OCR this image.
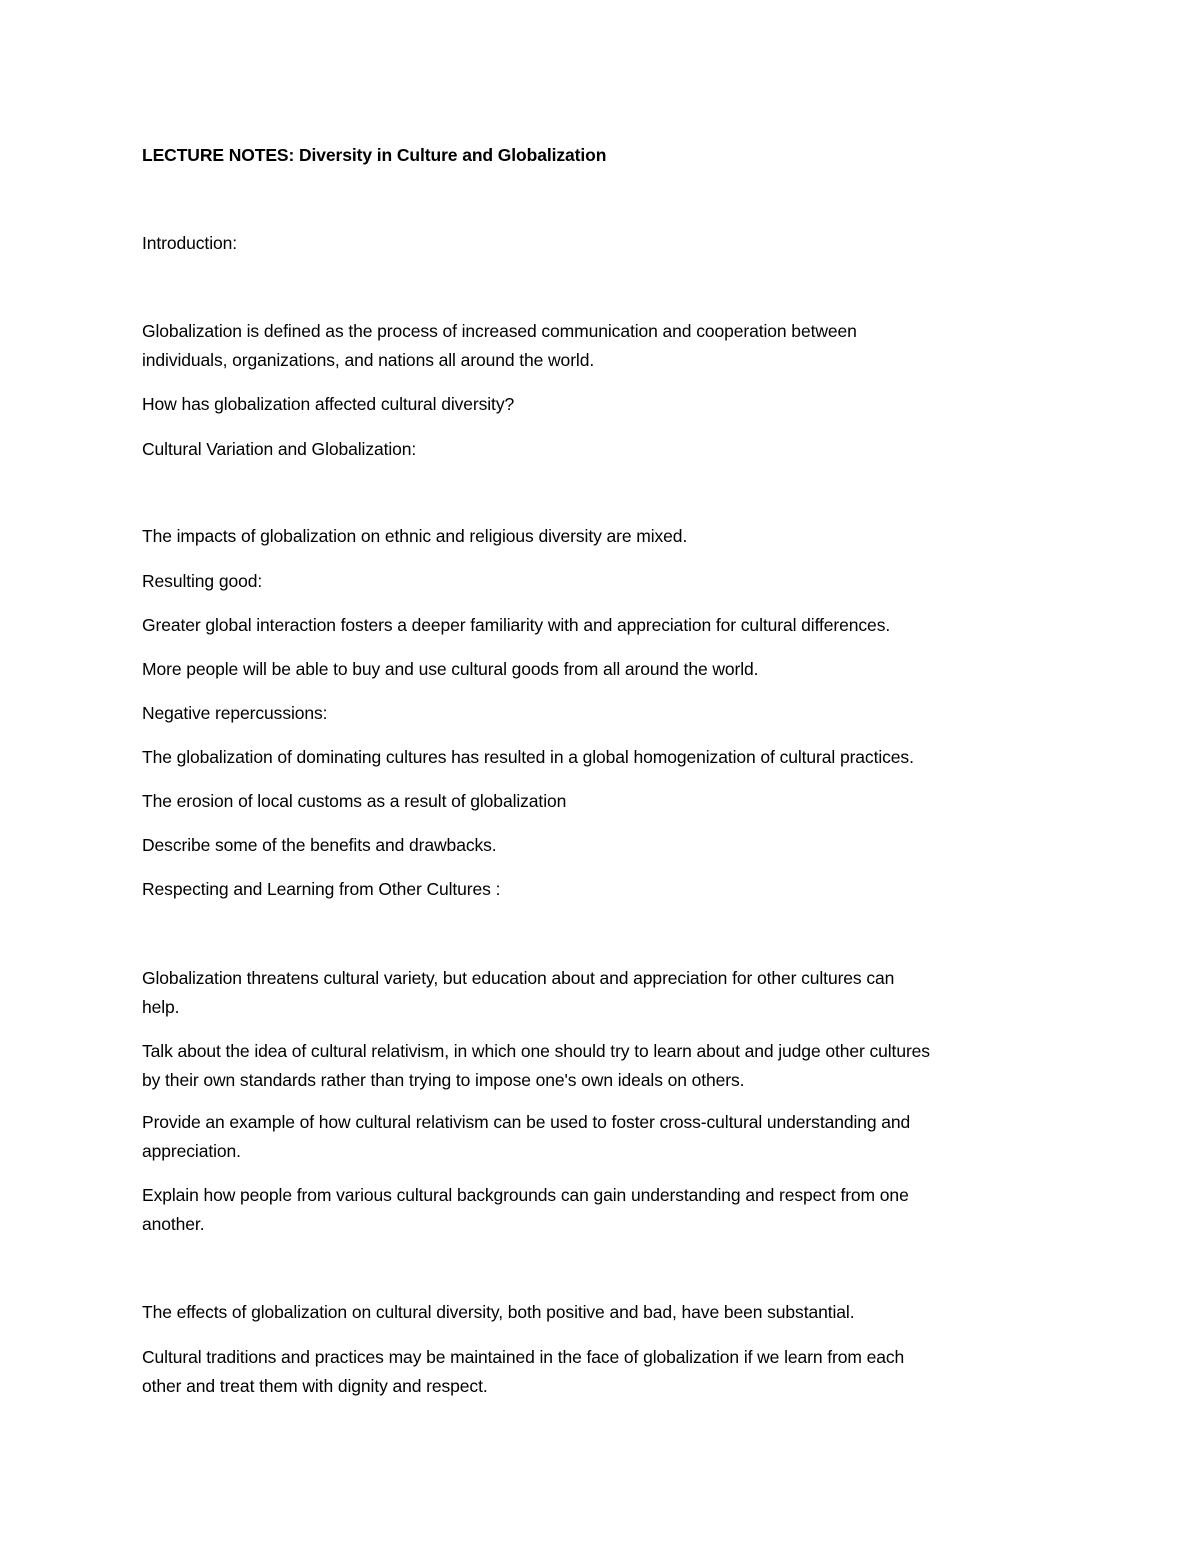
LECTURE NOTES: Diversity in Culture and Globalization

Introduction:

Globalization is defined as the process of increased communication and cooperation between

individuals, organizations, and nations all around the world.

How has globalization affected cultural diversity?

Cultural Variation and Globalization:

The impacts of globalization on ethnic and religious diversity are mixed.

Resulting good:

Greater global interaction fosters a deeper familiarity with and appreciation for cultural differences.

More people will be able to buy and use cultural goods from all around the world.

Negative repercussions:

The globalization of dominating cultures has resulted in a global homogenization of cultural practices.

The erosion of local customs as a result of globalization

Describe some of the benefits and drawbacks.

Respecting and Learning from Other Cultures :

Globalization threatens cultural variety, but education about and appreciation for other cultures can

help.

Talk about the idea of cultural relativism, in which one should try to learn about and judge other cultures

by their own standards rather than trying to impose one's own ideals on others.

Provide an example of how cultural relativism can be used to foster cross-cultural understanding and

appreciation.

Explain how people from various cultural backgrounds can gain understanding and respect from one

another.

The effects of globalization on cultural diversity, both positive and bad, have been substantial.

Cultural traditions and practices may be maintained in the face of globalization if we learn from each

other and treat them with dignity and respect.
